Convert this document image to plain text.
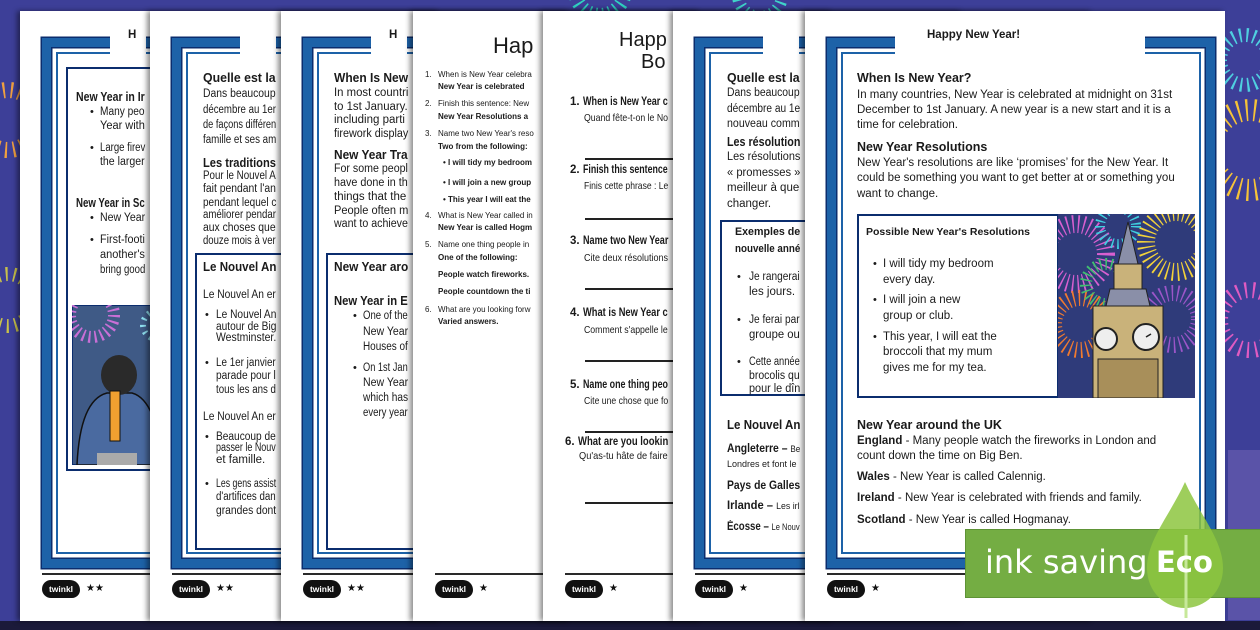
H
New Year in Ir
• Many peo
Year with
• Large firev
the larger
New Year in Sc
• New Year
• First-footi
another's
bring good
twinkl	★★
Quelle est la
Dans beaucoup
décembre au 1er
de façons différen
famille et ses am
Les traditions
Pour le Nouvel A
fait pendant l'an
pendant lequel c
améliorer pendar
aux choses que
douze mois à ver
Le Nouvel An
Le Nouvel An er
• Le Nouvel An
autour de Big
Westminster.
• Le 1er janvier
parade pour l
tous les ans d
Le Nouvel An er
• Beaucoup de
passer le Nouv
et famille.
• Les gens assist
d'artifices dan
grandes dont
twinkl	★★
H
When Is New
In most countri
to 1st January.
including parti
firework display
New Year Tra
For some peopl
have done in th
things that the
People often m
want to achieve
New Year aro
New Year in E
• One of the
New Year
Houses of
• On 1st Jan
New Year
which has
every year
twinkl	★★
Hap
1. When is New Year celebra
New Year is celebrated
2. Finish this sentence: New
New Year Resolutions a
3. Name two New Year's reso
Two from the following:
• I will tidy my bedroom
• I will join a new group
• This year I will eat the
4. What is New Year called in
New Year is called Hogm
5. Name one thing people in
One of the following:
People watch fireworks.
People countdown the ti
6. What are you looking forw
Varied answers.
twinkl	★
Happ
Bo
1. When is New Year c
Quand fête-t-on le No
2. Finish this sentence
Finis cette phrase : Le
3. Name two New Year
Cite deux résolutions
4. What is New Year c
Comment s'appelle le
5. Name one thing peo
Cite une chose que fo
6. What are you lookin
Qu'as-tu hâte de faire
twinkl	★
Quelle est la
Dans beaucoup
décembre au 1e
nouveau comm
Les résolution
Les résolutions
« promesses »
meilleur à que
changer.
Exemples de
nouvelle anné
• Je rangerai
les jours.
• Je ferai par
groupe ou
• Cette année
brocolis qu
pour le dîn
Le Nouvel An
Angleterre – Be
Londres et font le
Pays de Galles
Irlande – Les irl
Écosse – Le Nouv
twinkl	★
Happy New Year!
When Is New Year?
In many countries, New Year is celebrated at midnight on 31st
December to 1st January. A new year is a new start and it is a
time for celebration.
New Year Resolutions
New Year's resolutions are like ‘promises’ for the New Year. It
could be something you want to get better at or something you
want to change.
Possible New Year's Resolutions
• I will tidy my bedroom
every day.
• I will join a new
group or club.
• This year, I will eat the
broccoli that my mum
gives me for my tea.
New Year around the UK
England - Many people watch the fireworks in London and
count down the time on Big Ben.
Wales - New Year is called Calennig.
Ireland - New Year is celebrated with friends and family.
Scotland - New Year is called Hogmanay.
twinkl	★
ink saving Eco
